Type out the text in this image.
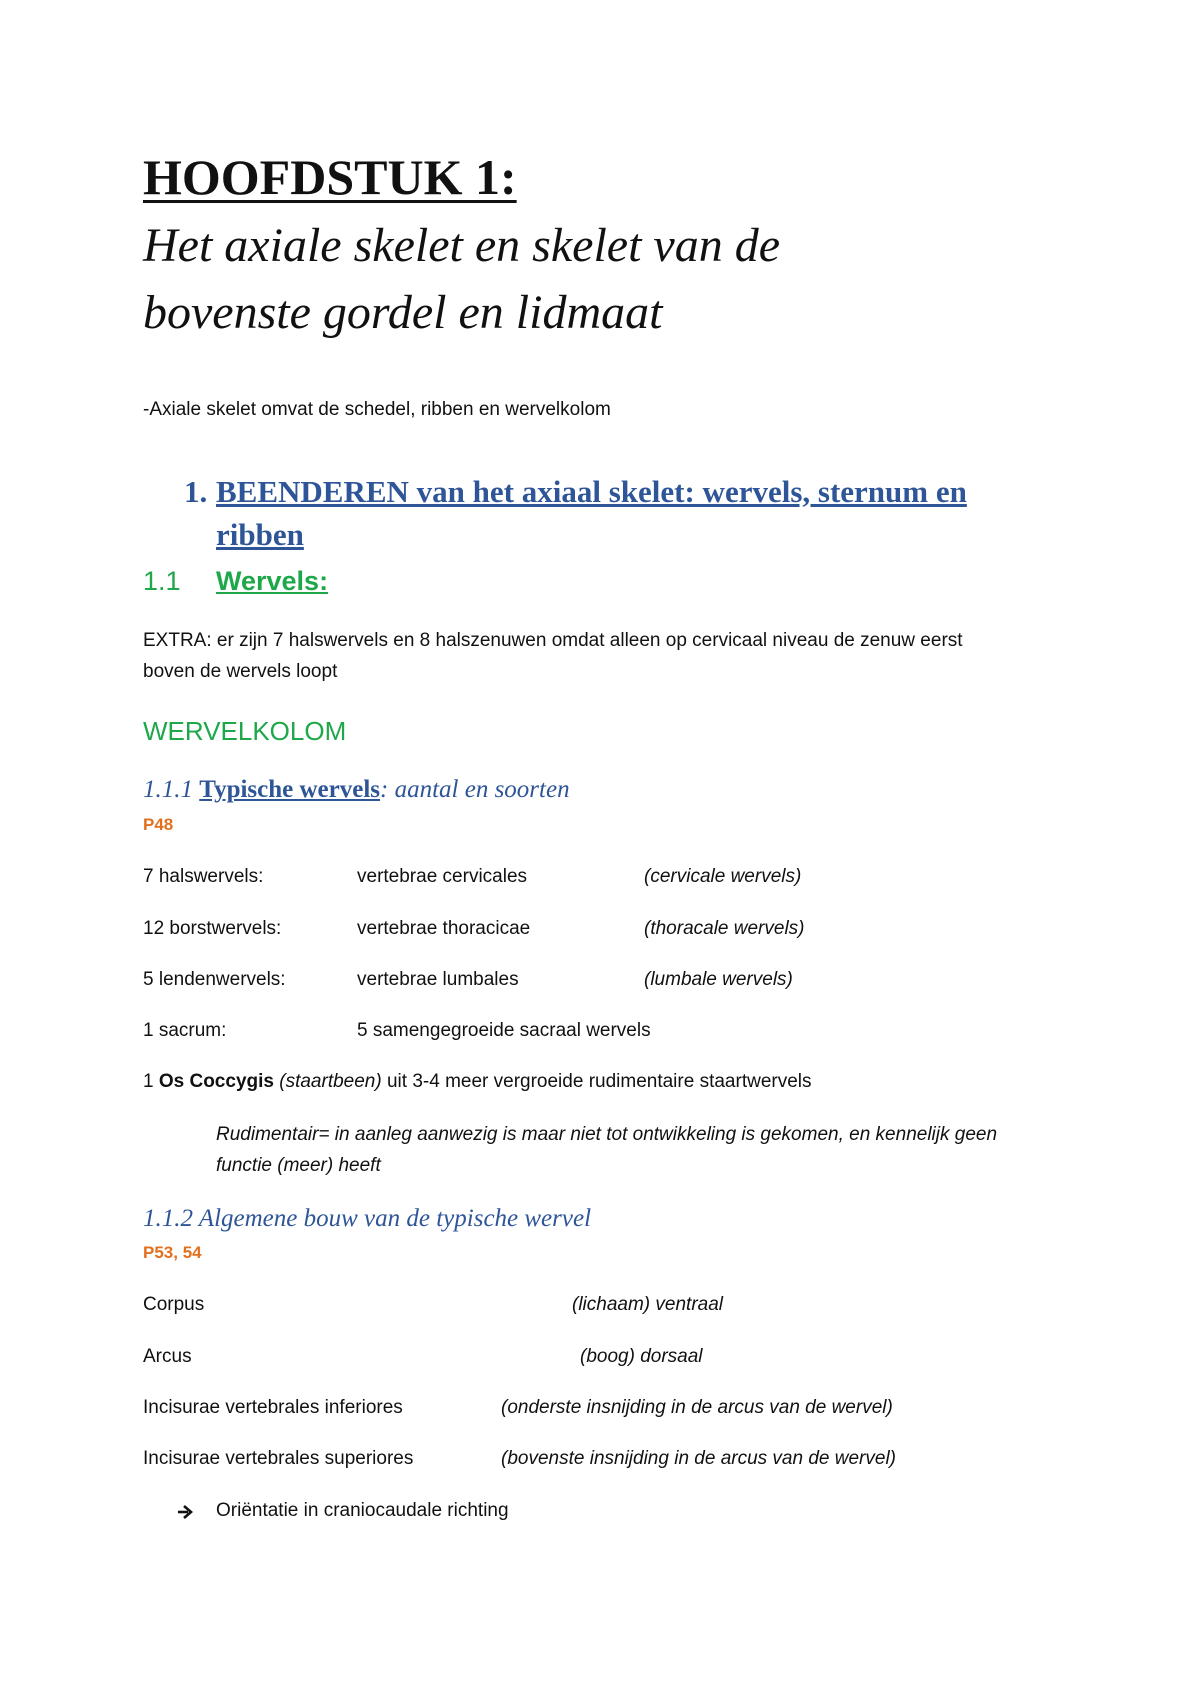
HOOFDSTUK 1:
Het axiale skelet en skelet van de
bovenste gordel en lidmaat
-Axiale skelet omvat de schedel, ribben en wervelkolom
1. BEENDEREN van het axiaal skelet: wervels, sternum en
ribben
1.1 Wervels:
EXTRA: er zijn 7 halswervels en 8 halszenuwen omdat alleen op cervicaal niveau de zenuw eerst
boven de wervels loopt
WERVELKOLOM
1.1.1 Typische wervels: aantal en soorten
P48
7 halswervels:	vertebrae cervicales	(cervicale wervels)
12 borstwervels:	vertebrae thoracicae	(thoracale wervels)
5 lendenwervels:	vertebrae lumbales	(lumbale wervels)
1 sacrum:	5 samengegroeide sacraal wervels
1 Os Coccygis (staartbeen) uit 3-4 meer vergroeide rudimentaire staartwervels
Rudimentair= in aanleg aanwezig is maar niet tot ontwikkeling is gekomen, en kennelijk geen
functie (meer) heeft
1.1.2 Algemene bouw van de typische wervel
P53, 54
Corpus	(lichaam) ventraal
Arcus	(boog) dorsaal
Incisurae vertebrales inferiores	(onderste insnijding in de arcus van de wervel)
Incisurae vertebrales superiores	(bovenste insnijding in de arcus van de wervel)
Oriëntatie in craniocaudale richting
